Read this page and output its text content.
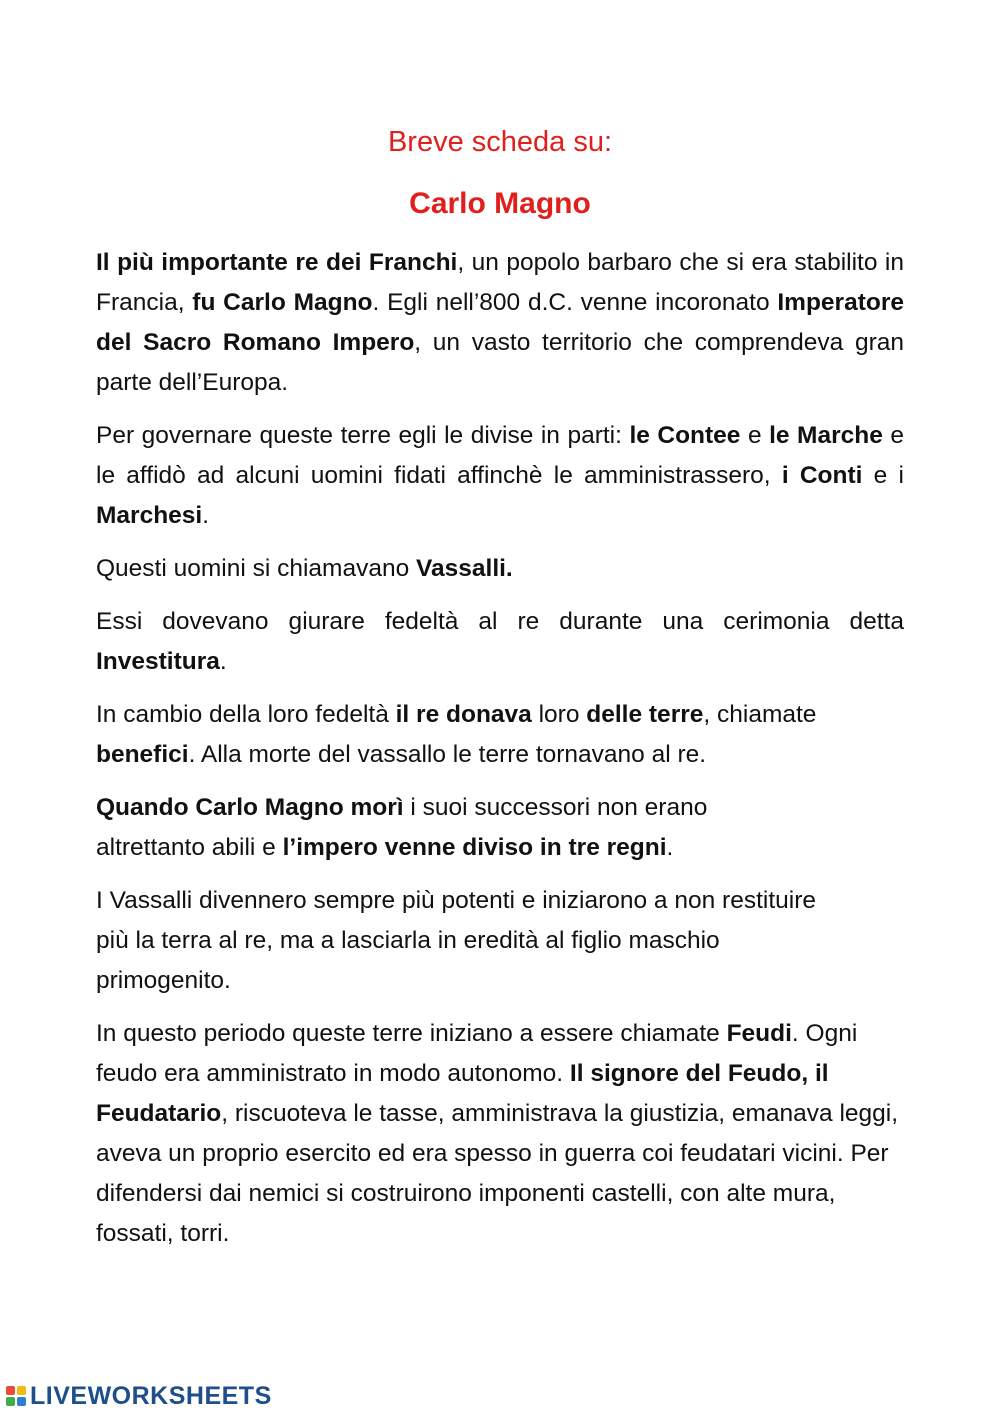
Breve scheda su:
Carlo Magno

Il più importante re dei Franchi, un popolo barbaro che si era stabilito in Francia, fu Carlo Magno. Egli nell’800 d.C. venne incoronato Imperatore del Sacro Romano Impero, un vasto territorio che comprendeva gran parte dell’Europa.

Per governare queste terre egli le divise in parti: le Contee e le Marche e le affidò ad alcuni uomini fidati affinchè le amministrassero, i Conti e i Marchesi.

Questi uomini si chiamavano Vassalli.

Essi dovevano giurare fedeltà al re durante una cerimonia detta Investitura.

In cambio della loro fedeltà il re donava loro delle terre, chiamate benefici. Alla morte del vassallo le terre tornavano al re.

Quando Carlo Magno morì i suoi successori non erano altrettanto abili e l’impero venne diviso in tre regni.

I Vassalli divennero sempre più potenti e iniziarono a non restituire più la terra al re, ma a lasciarla in eredità al figlio maschio primogenito.

In questo periodo queste terre iniziano a essere chiamate Feudi. Ogni feudo era amministrato in modo autonomo. Il signore del Feudo, il Feudatario, riscuoteva le tasse, amministrava la giustizia, emanava leggi, aveva un proprio esercito ed era spesso in guerra coi feudatari vicini. Per difendersi dai nemici si costruirono imponenti castelli, con alte mura, fossati, torri.

LIVEWORKSHEETS
